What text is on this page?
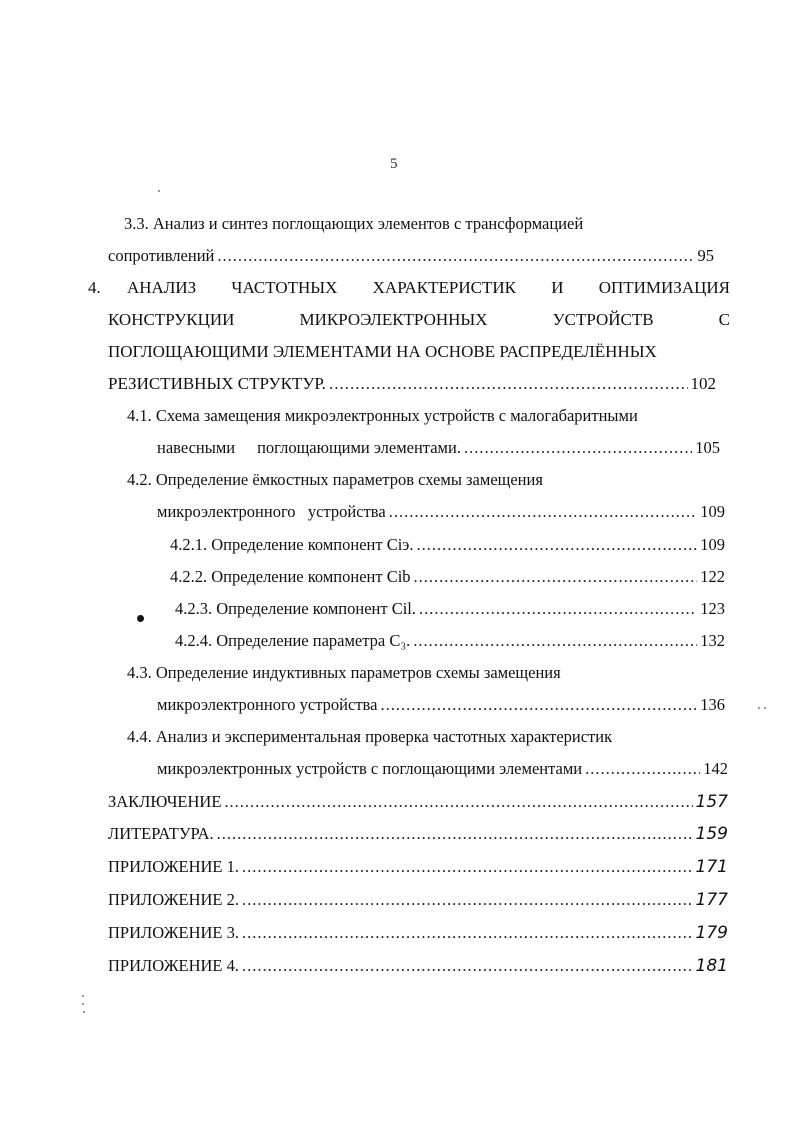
5
3.3. Анализ и синтез поглощающих элементов с трансформацией
сопротивлений .....	95
4. АНАЛИЗ ЧАСТОТНЫХ ХАРАКТЕРИСТИК И ОПТИМИЗАЦИЯ
КОНСТРУКЦИИ	МИКРОЭЛЕКТРОННЫХ	УСТРОЙСТВ	С
ПОГЛОЩАЮЩИМИ ЭЛЕМЕНТАМИ НА ОСНОВЕ РАСПРЕДЕЛЁННЫХ
РЕЗИСТИВНЫХ СТРУКТУР. .....	102
4.1. Схема замещения микроэлектронных устройств с малогабаритными
навесными поглощающими элементами. .....	105
4.2. Определение ёмкостных параметров схемы замещения
микроэлектронного   устройства .....	109
4.2.1. Определение компонент Ciэ. .....	109
4.2.2. Определение компонент Cib .....	122
4.2.3. Определение компонент Cil. .....	123
4.2.4. Определение параметра C₃. .....	132
4.3. Определение индуктивных параметров схемы замещения
микроэлектронного устройства .....	136
4.4. Анализ и экспериментальная проверка частотных характеристик
микроэлектронных устройств с поглощающими элементами .....	142
ЗАКЛЮЧЕНИЕ .....	157
ЛИТЕРАТУРА. .....	159
ПРИЛОЖЕНИЕ 1. .....	171
ПРИЛОЖЕНИЕ 2. .....	177
ПРИЛОЖЕНИЕ 3. .....	179
ПРИЛОЖЕНИЕ 4. .....	181
